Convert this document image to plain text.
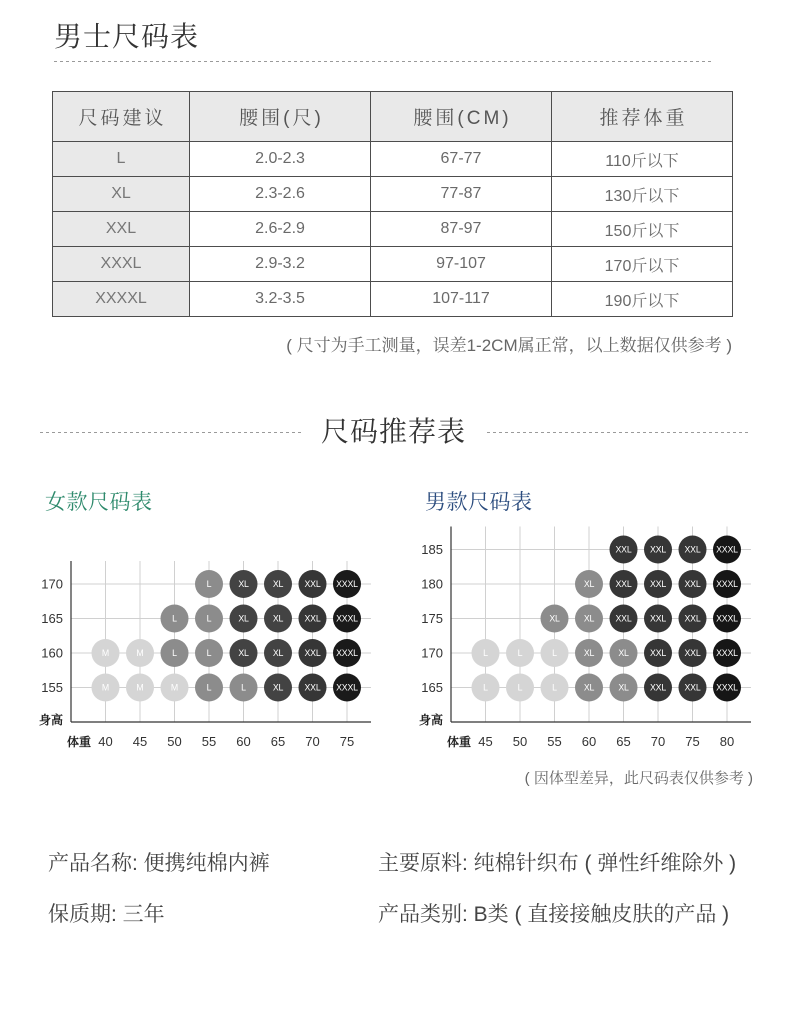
男士尺码表
尺码建议	腰围(尺)	腰围(CM)	推荐体重
L	2.0-2.3	67-77	110斤以下
XL	2.3-2.6	77-87	130斤以下
XXL	2.6-2.9	87-97	150斤以下
XXXL	2.9-3.2	97-107	170斤以下
XXXXL	3.2-3.5	107-117	190斤以下
( 尺寸为手工测量，误差1-2CM属正常，以上数据仅供参考 )
尺码推荐表
女款尺码表	男款尺码表
155
160
165
170
40 45 50 55 60 65 70 75
身高
体重
L	XL	XL XXL XXXL
L	L	XL	XL XXL XXXL
M	M	L	L	XL	XL XXL XXXL
M	M	M	L	L	XL XXL XXXL	165
170
175
180
185
45 50 55 60 65 70 75 80
身高
体重
XXL XXL XXL XXXL
XL XXL XXL XXL XXXL
XL	XL XXL XXL XXL XXXL
L	L	L	XL	XL XXL XXL XXXL
L	L	L	XL	XL XXL XXL XXXL
( 因体型差异，此尺码表仅供参考 )
产品名称: 便携纯棉内裤	主要原料: 纯棉针织布 ( 弹性纤维除外 )
保质期: 三年	产品类别: B类 ( 直接接触皮肤的产品 )
